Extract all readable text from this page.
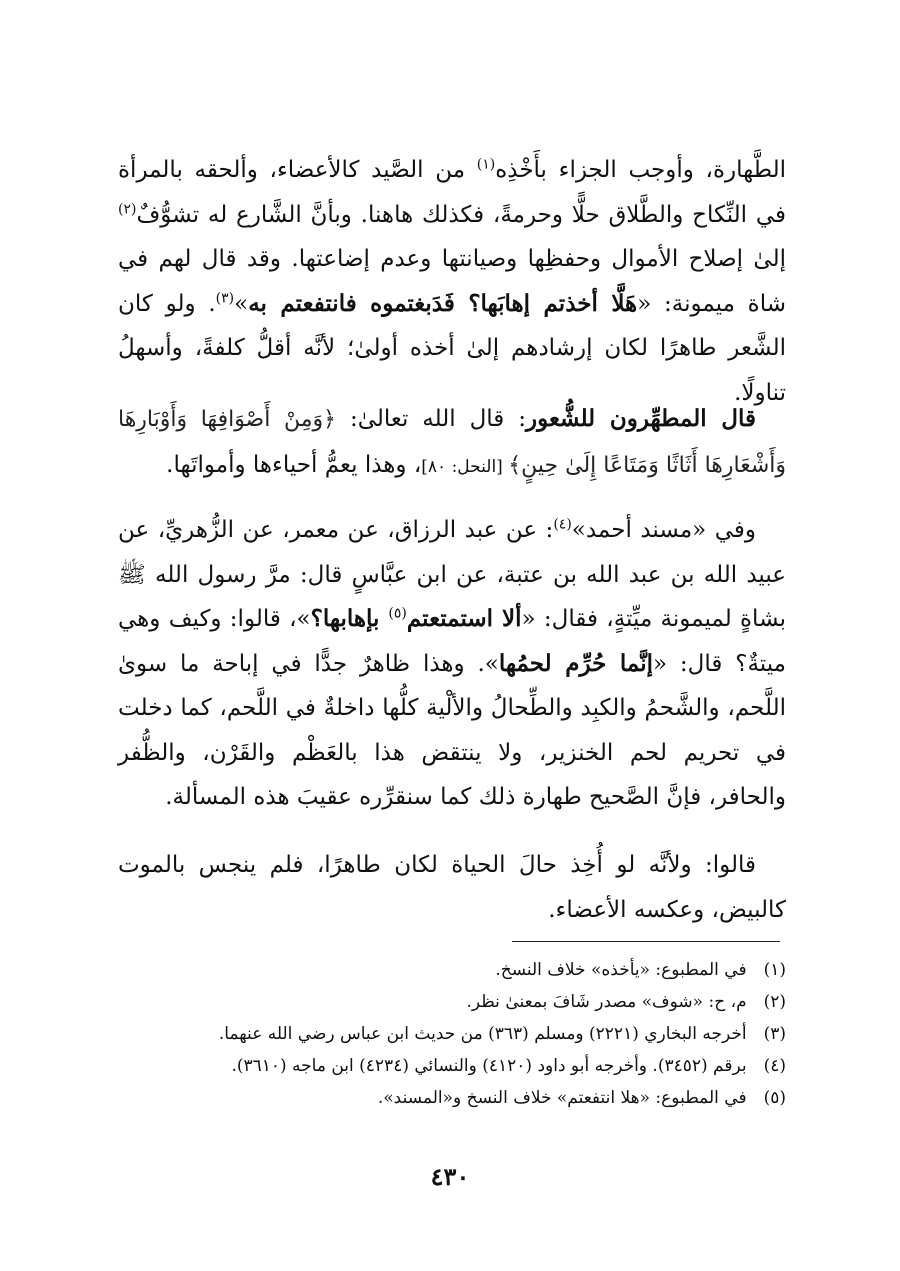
الطَّهارة، وأوجب الجزاء بأَخْذِه$^{(١)}$ من الصَّيد كالأعضاء، وألحقه بالمرأة في النِّكاح والطَّلاق حلًّا وحرمةً، فكذلك هاهنا. وبأنَّ الشَّارع له تشوُّفٌ$^{(٢)}$ إلىٰ إصلاح الأموال وحفظِها وصيانتها وعدم إضاعتها. وقد قال لهم في شاة ميمونة: «هَلَّا أخذتم إهابَها؟ فَدَبغتموه فانتفعتم به»$^{(٣)}$. ولو كان الشَّعر طاهرًا لكان إرشادهم إلىٰ أخذه أولىٰ؛ لأنَّه أقلُّ كلفةً، وأسهلُ تناولًا.

قال المطهِّرون للشُّعور: قال الله تعالىٰ: ﴿وَمِنْ أَصْوَافِهَا وَأَوْبَارِهَا وَأَشْعَارِهَا أَثَاثًا وَمَتَاعًا إِلَىٰ حِينٍ﴾ [النحل: ٨٠]، وهذا يعمُّ أحياءها وأمواتَها.

وفي «مسند أحمد»$^{(٤)}$: عن عبد الرزاق، عن معمر، عن الزُّهريِّ، عن عبيد الله بن عبد الله بن عتبة، عن ابن عبَّاسٍ قال: مرَّ رسول الله ﷺ بشاةٍ لميمونة ميِّتةٍ، فقال: «ألا استمتعتم$^{(٥)}$ بإهابها؟»، قالوا: وكيف وهي ميتةٌ؟ قال: «إنَّما حُرِّم لحمُها». وهذا ظاهرٌ جدًّا في إباحة ما سوىٰ اللَّحم، والشَّحمُ والكبِد والطِّحالُ والألْية كلُّها داخلةٌ في اللَّحم، كما دخلت في تحريم لحم الخنزير، ولا ينتقض هذا بالعَظْم والقَرْن، والظُّفر والحافر، فإنَّ الصَّحيح طهارة ذلك كما سنقرِّره عقيبَ هذه المسألة.

قالوا: ولأنَّه لو أُخِذ حالَ الحياة لكان طاهرًا، فلم ينجس بالموت كالبيض، وعكسه الأعضاء.

(١) في المطبوع: «يأخذه» خلاف النسخ.
(٢) م، ح: «شوف» مصدر شَافَ بمعنىٰ نظر.
(٣) أخرجه البخاري (٢٢٢١) ومسلم (٣٦٣) من حديث ابن عباس رضي الله عنهما.
(٤) برقم (٣٤٥٢). وأخرجه أبو داود (٤١٢٠) والنسائي (٤٢٣٤) ابن ماجه (٣٦١٠).
(٥) في المطبوع: «هلا انتفعتم» خلاف النسخ و«المسند».
٤٣٠
